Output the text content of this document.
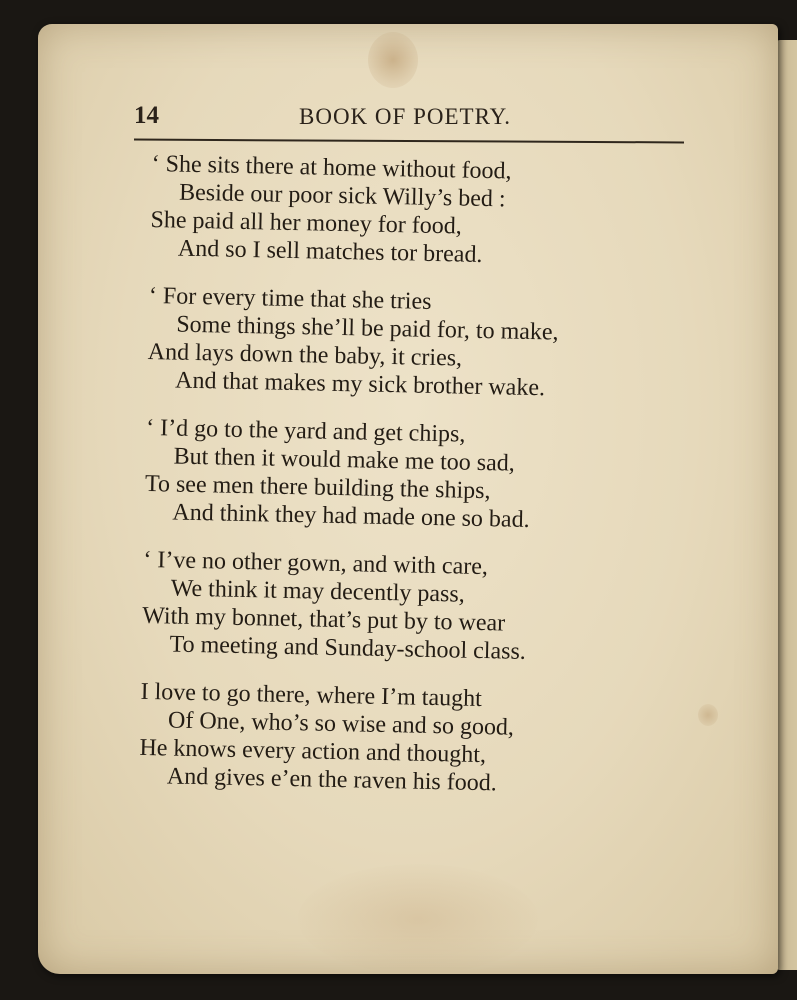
14	BOOK OF POETRY.
‘ She sits there at home without food,
Beside our poor sick Willy’s bed :
She paid all her money for food,
And so I sell matches tor bread.
‘ For every time that she tries
Some things she’ll be paid for, to make,
And lays down the baby, it cries,
And that makes my sick brother wake.
‘ I’d go to the yard and get chips,
But then it would make me too sad,
To see men there building the ships,
And think they had made one so bad.
‘ I’ve no other gown, and with care,
We think it may decently pass,
With my bonnet, that’s put by to wear
To meeting and Sunday-school class.
I love to go there, where I’m taught
Of One, who’s so wise and so good,
He knows every action and thought,
And gives e’en the raven his food.
